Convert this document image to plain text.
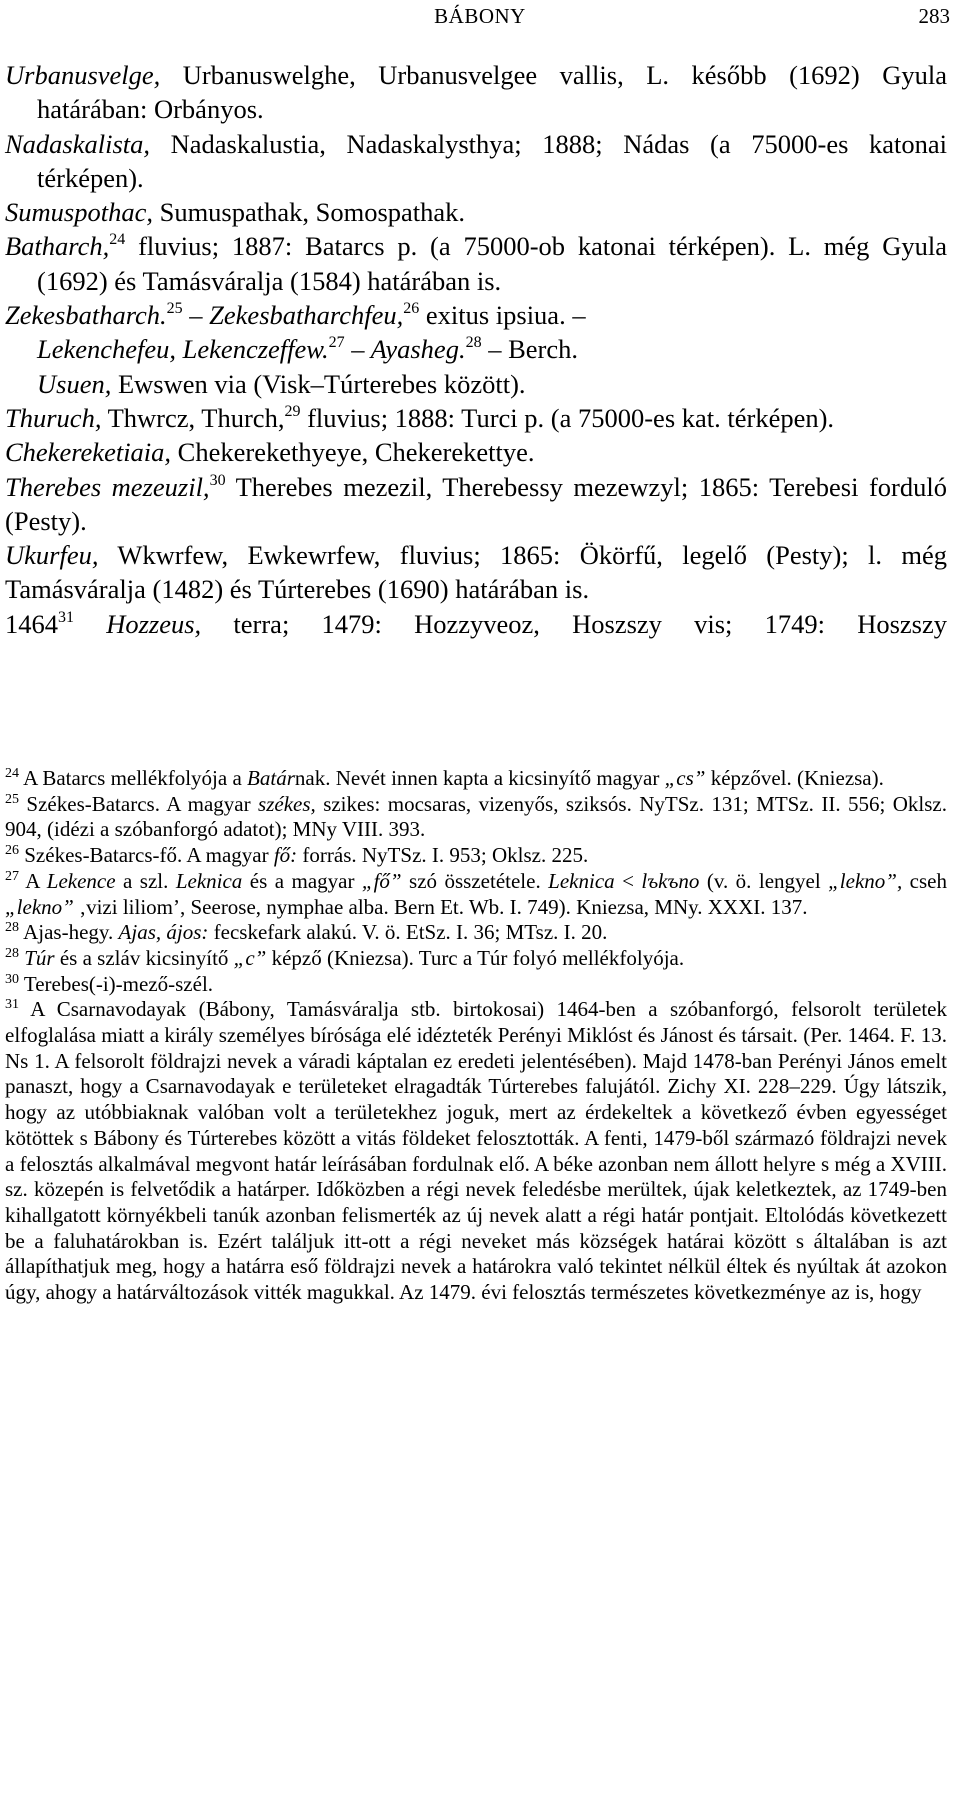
BÁBONY	283

Urbanusvelge, Urbanuswelghe, Urbanusvelgee vallis, L. később (1692) Gyula határában: Orbányos.

Nadaskalista, Nadaskalustia, Nadaskalysthya; 1888; Nádas (a 75000-es katonai térképen).

Sumuspothac, Sumuspathak, Somospathak.

Batharch,$^{24}$ fluvius; 1887: Batarcs p. (a 75000-ob katonai térképen). L. még Gyula (1692) és Tamásváralja (1584) határában is.

Zekesbatharch.$^{25}$ – Zekesbatharchfeu,$^{26}$ exitus ipsiua. –

Lekenchefeu, Lekenczeffew.$^{27}$ – Ayasheg.$^{28}$ – Berch.

Usuen, Ewswen via (Visk–Túrterebes között).

Thuruch, Thwrcz, Thurch,$^{29}$ fluvius; 1888: Turci p. (a 75000-es kat. térképen).

Chekereketiaia, Chekerekethyeye, Chekerekettye.

Therebes mezeuzil,$^{30}$ Therebes mezezil, Therebessy mezewzyl; 1865: Terebesi forduló (Pesty).

Ukurfeu, Wkwrfew, Ewkewrfew, fluvius; 1865: Ökörfű, legelő (Pesty); l. még Tamásváralja (1482) és Túrterebes (1690) határában is.

1464$^{31}$ Hozzeus, terra; 1479: Hozzyveoz, Hoszszy vis; 1749: Hoszszy

$^{24}$ A Batarcs mellékfolyója a Batárnak. Nevét innen kapta a kicsinyítő magyar „cs” képzővel. (Kniezsa).

$^{25}$ Székes-Batarcs. A magyar székes, szikes: mocsaras, vizenyős, sziksós. NyTSz. 131; MTSz. II. 556; Oklsz. 904, (idézi a szóbanforgó adatot); MNy VIII. 393.

$^{26}$ Székes-Batarcs-fő. A magyar fő: forrás. NyTSz. I. 953; Oklsz. 225.

$^{27}$ A Lekence a szl. Leknica és a magyar „fő” szó összetétele. Leknica < lъkъno (v. ö. lengyel „lekno”, cseh „lekno” ‚vizi liliom’, Seerose, nymphae alba. Bern Et. Wb. I. 749). Kniezsa, MNy. XXXI. 137.

$^{28}$ Ajas-hegy. Ajas, ájos: fecskefark alakú. V. ö. EtSz. I. 36; MTsz. I. 20.

$^{28}$ Túr és a szláv kicsinyítő „c” képző (Kniezsa). Turc a Túr folyó mellékfolyója.

$^{30}$ Terebes(-i)-mező-szél.

$^{31}$ A Csarnavodayak (Bábony, Tamásváralja stb. birtokosai) 1464-ben a szóbanforgó, felsorolt területek elfoglalása miatt a király személyes bírósága elé idézteték Perényi Miklóst és Jánost és társait. (Per. 1464. F. 13. Ns 1. A felsorolt földrajzi nevek a váradi káptalan ez eredeti jelentésében). Majd 1478-ban Perényi János emelt panaszt, hogy a Csarnavodayak e területeket elragadták Túrterebes falujától. Zichy XI. 228–229. Úgy látszik, hogy az utóbbiaknak valóban volt a területekhez joguk, mert az érdekeltek a következő évben egyességet kötöttek s Bábony és Túrterebes között a vitás földeket felosztották. A fenti, 1479-ből származó földrajzi nevek a felosztás alkalmával megvont határ leírásában fordulnak elő. A béke azonban nem állott helyre s még a XVIII. sz. közepén is felvetődik a határper. Időközben a régi nevek feledésbe merültek, újak keletkeztek, az 1749-ben kihallgatott környékbeli tanúk azonban felismerték az új nevek alatt a régi határ pontjait. Eltolódás következett be a faluhatárokban is. Ezért találjuk itt-ott a régi neveket más községek határai között s általában is azt állapíthatjuk meg, hogy a határra eső földrajzi nevek a határokra való tekintet nélkül éltek és nyúltak át azokon úgy, ahogy a határváltozások vitték magukkal. Az 1479. évi felosztás természetes következménye az is, hogy
